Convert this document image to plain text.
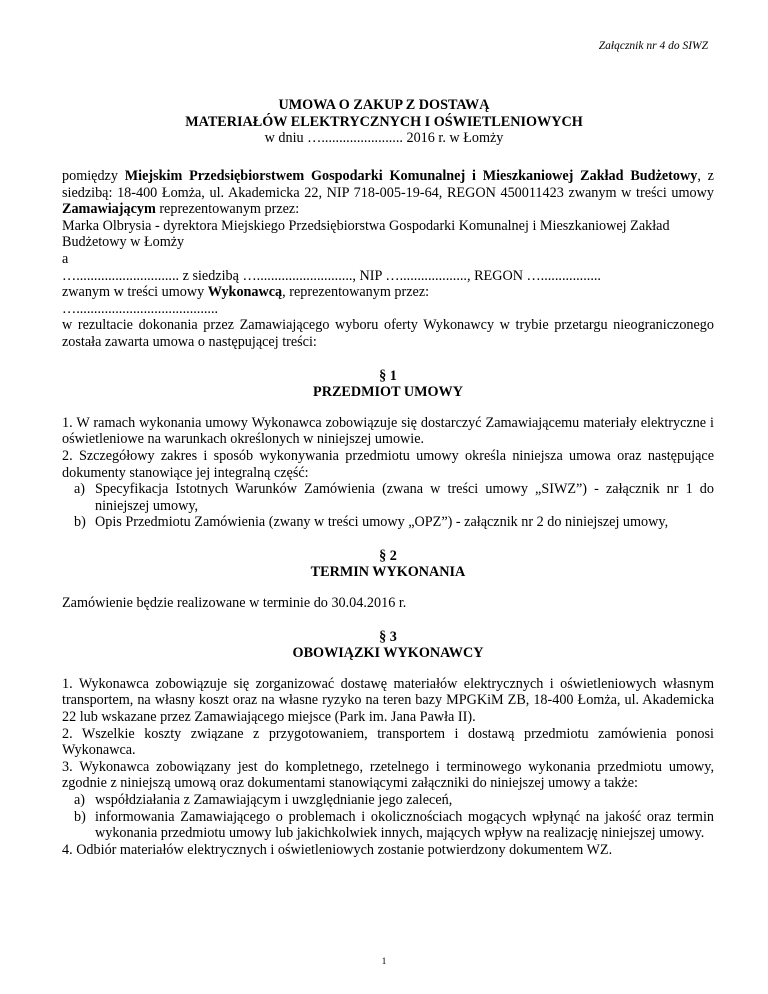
Załącznik nr 4 do SIWZ
UMOWA O ZAKUP Z DOSTAWĄ
MATERIAŁÓW ELEKTRYCZNYCH I OŚWIETLENIOWYCH
w dniu …....................... 2016 r. w Łomży

pomiędzy Miejskim Przedsiębiorstwem Gospodarki Komunalnej i Mieszkaniowej Zakład Budżetowy, z siedzibą: 18-400 Łomża, ul. Akademicka 22, NIP 718-005-19-64, REGON 450011423 zwanym w treści umowy Zamawiającym reprezentowanym przez:

Marka Olbrysia - dyrektora Miejskiego Przedsiębiorstwa Gospodarki Komunalnej i Mieszkaniowej Zakład Budżetowy w Łomży

a

…............................. z siedzibą …..........................., NIP …..................., REGON ….................

zwanym w treści umowy Wykonawcą, reprezentowanym przez:

…........................................

w rezultacie dokonania przez Zamawiającego wyboru oferty Wykonawcy w trybie przetargu nieograniczonego została zawarta umowa o następującej treści:

§ 1
PRZEDMIOT UMOWY

1. W ramach wykonania umowy Wykonawca zobowiązuje się dostarczyć Zamawiającemu materiały elektryczne i oświetleniowe na warunkach określonych w niniejszej umowie.

2. Szczegółowy zakres i sposób wykonywania przedmiotu umowy określa niniejsza umowa oraz następujące dokumenty stanowiące jej integralną część:

a) Specyfikacja Istotnych Warunków Zamówienia (zwana w treści umowy „SIWZ”) - załącznik nr 1 do niniejszej umowy,
b) Opis Przedmiotu Zamówienia (zwany w treści umowy „OPZ”) - załącznik nr 2 do niniejszej umowy,
§ 2
TERMIN WYKONANIA

Zamówienie będzie realizowane w terminie do 30.04.2016 r.

§ 3
OBOWIĄZKI WYKONAWCY

1. Wykonawca zobowiązuje się zorganizować dostawę materiałów elektrycznych i oświetleniowych własnym transportem, na własny koszt oraz na własne ryzyko na teren bazy MPGKiM ZB, 18-400 Łomża, ul. Akademicka 22 lub wskazane przez Zamawiającego miejsce (Park im. Jana Pawła II).

2. Wszelkie koszty związane z przygotowaniem, transportem i dostawą przedmiotu zamówienia ponosi Wykonawca.

3. Wykonawca zobowiązany jest do kompletnego, rzetelnego i terminowego wykonania przedmiotu umowy, zgodnie z niniejszą umową oraz dokumentami stanowiącymi załączniki do niniejszej umowy a także:

a) współdziałania z Zamawiającym i uwzględnianie jego zaleceń,
b) informowania Zamawiającego o problemach i okolicznościach mogących wpłynąć na jakość oraz termin wykonania przedmiotu umowy lub jakichkolwiek innych, mających wpływ na realizację niniejszej umowy.

4. Odbiór materiałów elektrycznych i oświetleniowych zostanie potwierdzony dokumentem WZ.

1
